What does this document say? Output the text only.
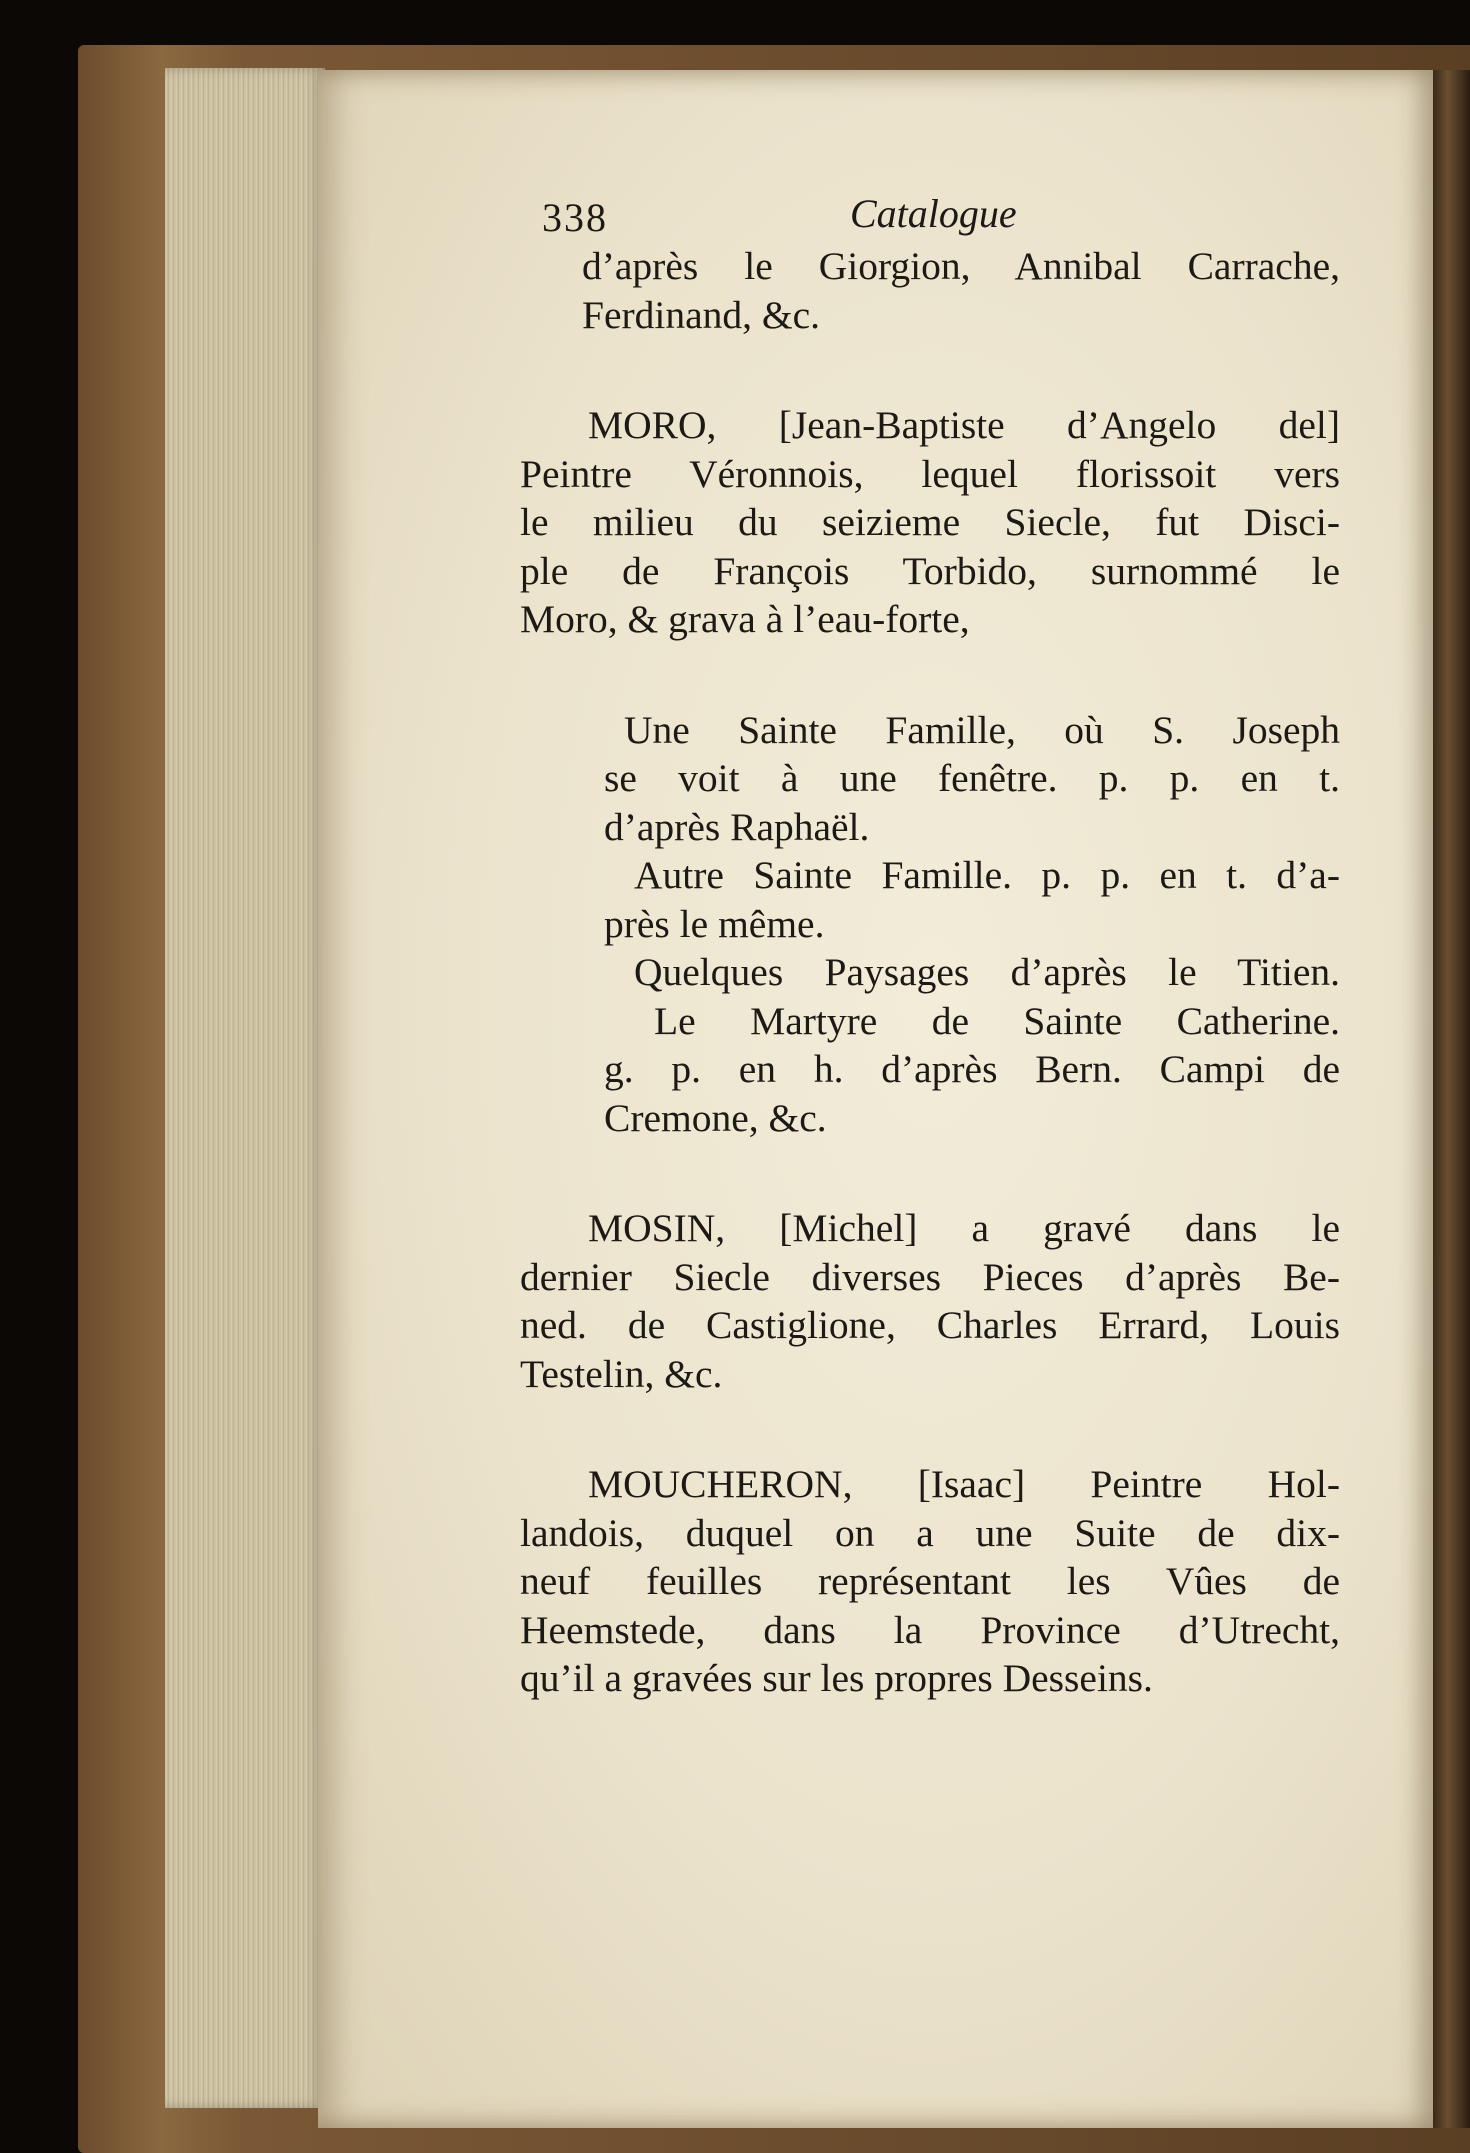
338	Catalogue
d’après le Giorgion, Annibal Carrache,
Ferdinand, &c.
MORO, [Jean-Baptiste d’Angelo del]
Peintre Véronnois, lequel florissoit vers
le milieu du seizieme Siecle, fut Disci-
ple de François Torbido, surnommé le
Moro, & grava à l’eau-forte,
Une Sainte Famille, où S. Joseph
se voit à une fenêtre. p. p. en t.
d’après Raphaël.
Autre Sainte Famille. p. p. en t. d’a-
près le même.
Quelques Paysages d’après le Titien.
Le Martyre de Sainte Catherine.
g. p. en h. d’après Bern. Campi de
Cremone, &c.
MOSIN, [Michel] a gravé dans le
dernier Siecle diverses Pieces d’après Be-
ned. de Castiglione, Charles Errard, Louis
Testelin, &c.
MOUCHERON, [Isaac] Peintre Hol-
landois, duquel on a une Suite de dix-
neuf feuilles représentant les Vûes de
Heemstede, dans la Province d’Utrecht,
qu’il a gravées sur les propres Desseins.
